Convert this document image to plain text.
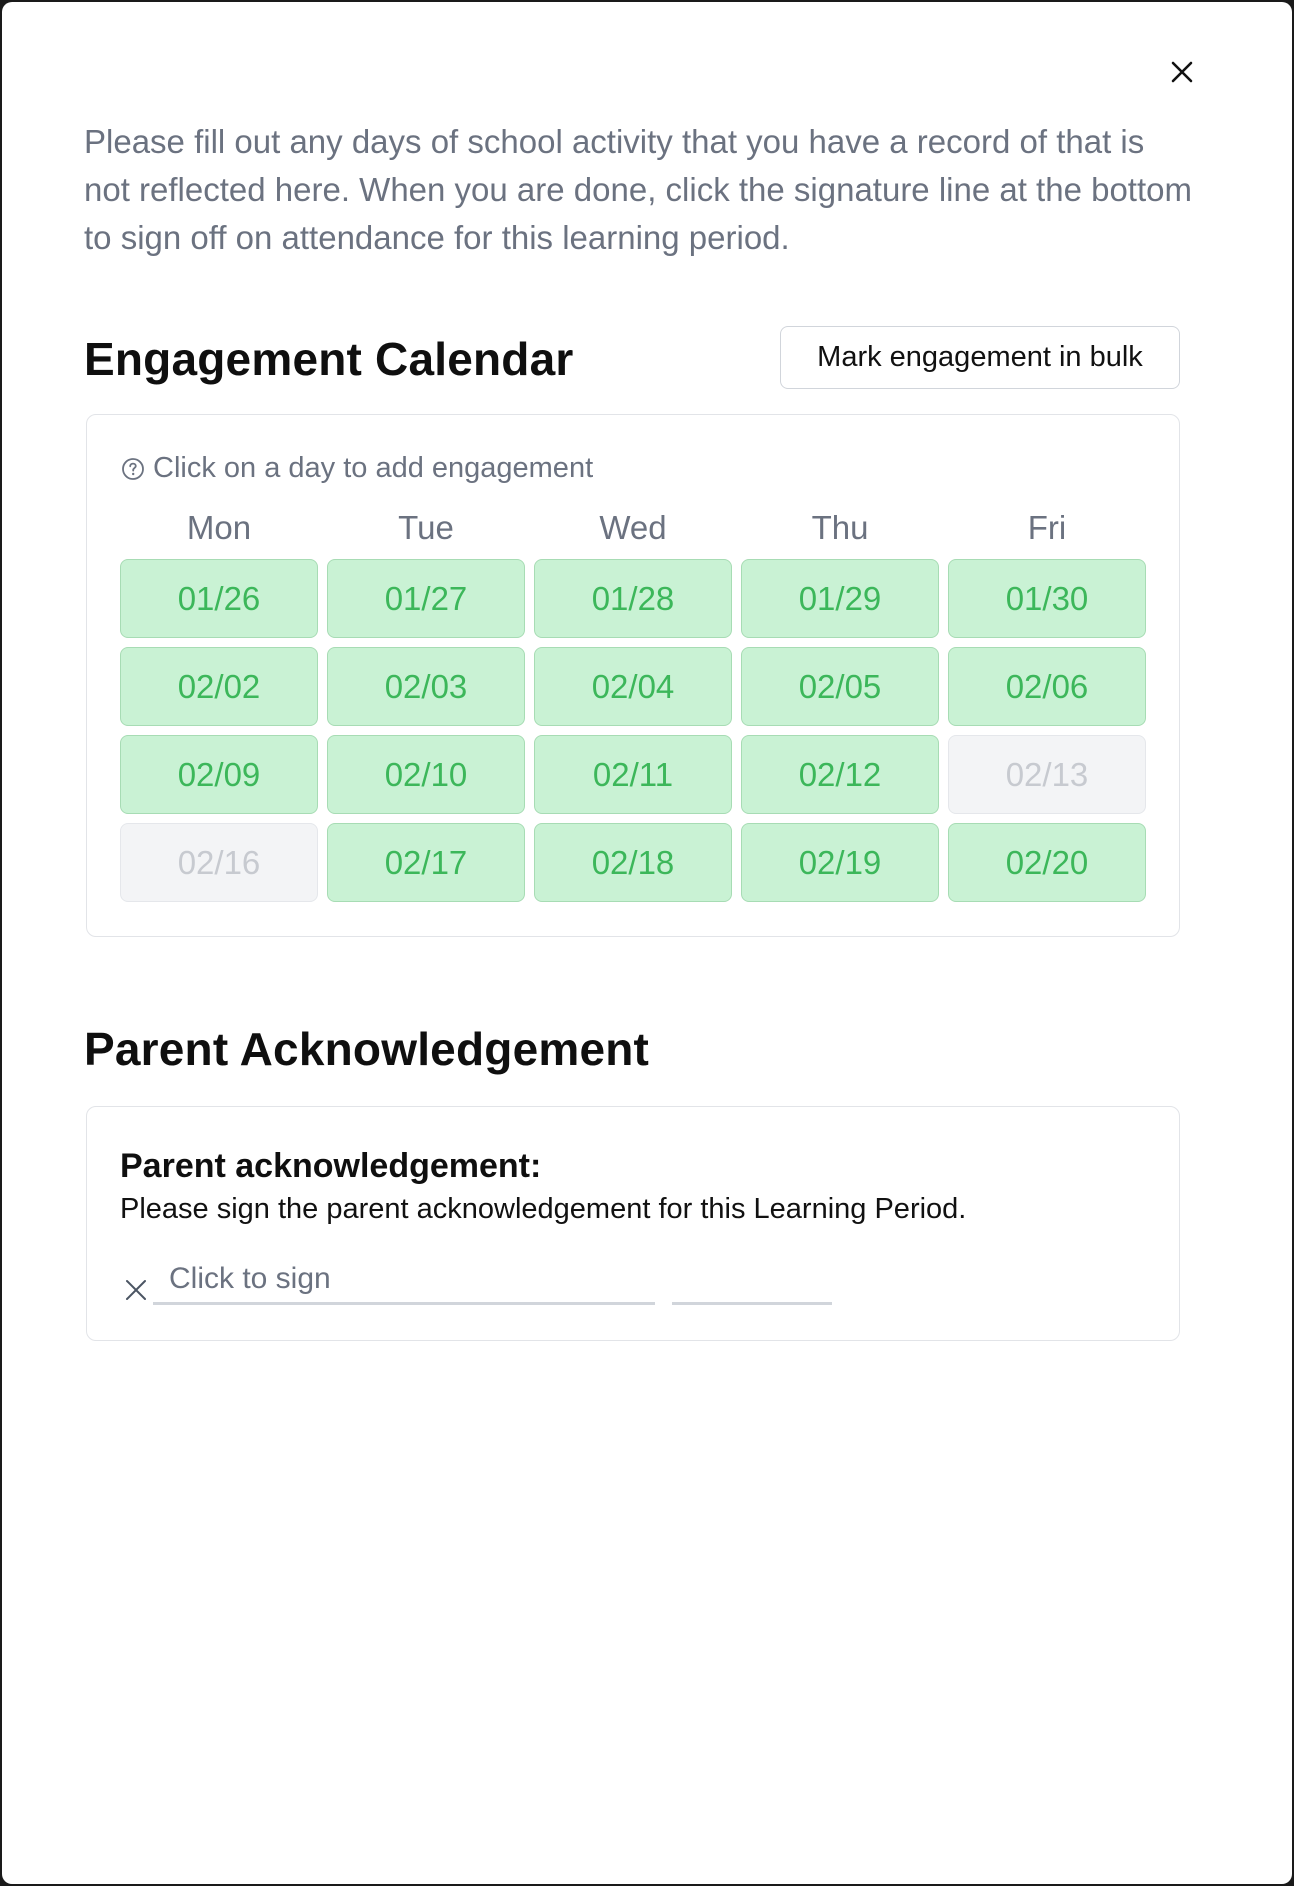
Please fill out any days of school activity that you have a record of that is not reflected here. When you are done, click the signature line at the bottom to sign off on attendance for this learning period.

Engagement Calendar	Mark engagement in bulk
Click on a day to add engagement
Mon	Tue	Wed	Thu	Fri
01/26	01/27	01/28	01/29	01/30
02/02	02/03	02/04	02/05	02/06
02/09	02/10	02/11	02/12	02/13
02/16	02/17	02/18	02/19	02/20
Parent Acknowledgement
Parent acknowledgement:
Please sign the parent acknowledgement for this Learning Period.
Click to sign
